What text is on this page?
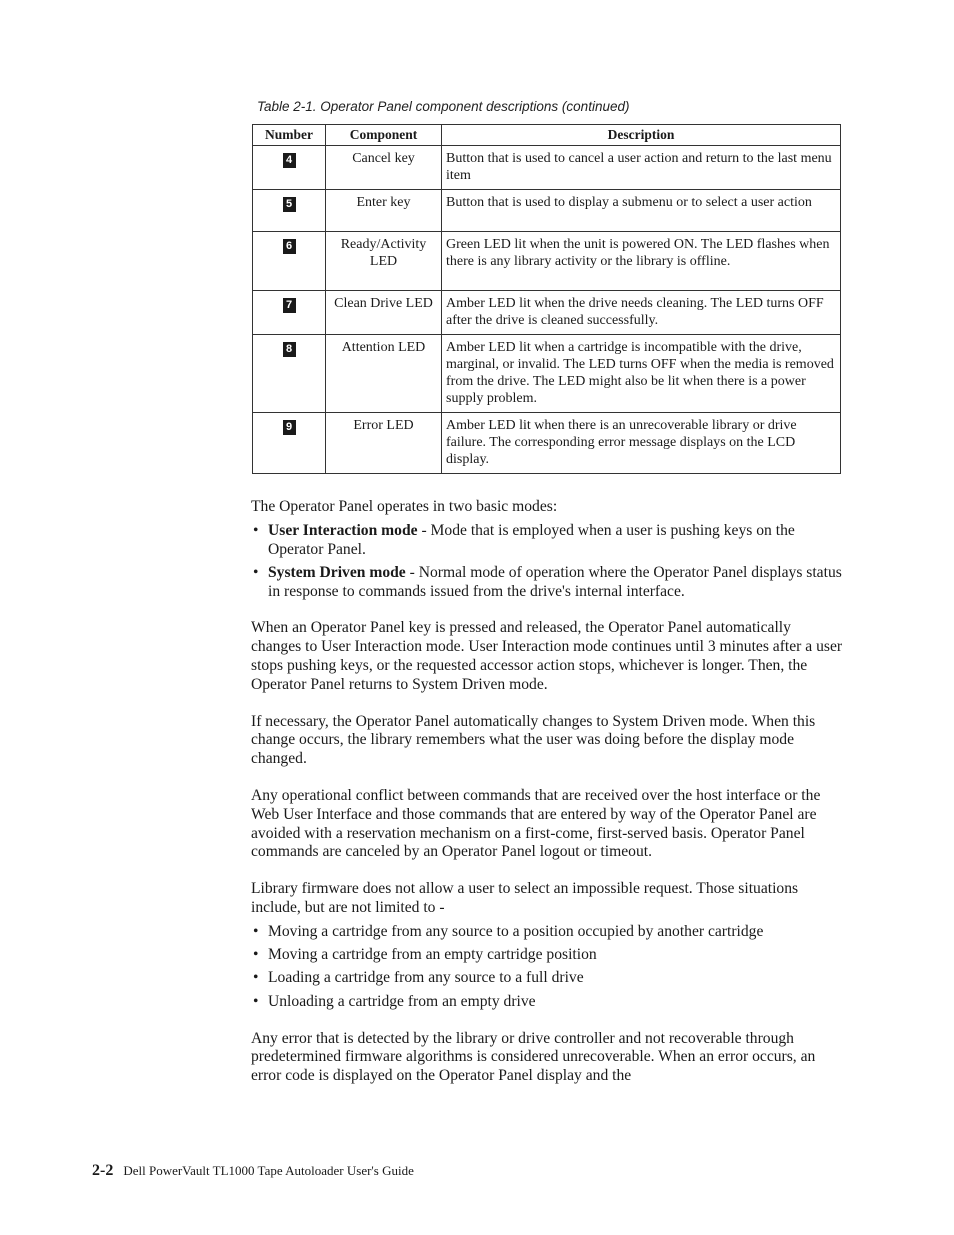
Table 2-1. Operator Panel component descriptions (continued)
Number	Component	Description
4	Cancel key	Button that is used to cancel a user action and return to the last menu item
5	Enter key	Button that is used to display a submenu or to select a user action
6	Ready/Activity LED	Green LED lit when the unit is powered ON. The LED flashes when there is any library activity or the library is offline.
7	Clean Drive LED	Amber LED lit when the drive needs cleaning. The LED turns OFF after the drive is cleaned successfully.
8	Attention LED	Amber LED lit when a cartridge is incompatible with the drive, marginal, or invalid. The LED turns OFF when the media is removed from the drive. The LED might also be lit when there is a power supply problem.
9	Error LED	Amber LED lit when there is an unrecoverable library or drive failure. The corresponding error message displays on the LCD display.

The Operator Panel operates in two basic modes:

• User Interaction mode - Mode that is employed when a user is pushing keys on the Operator Panel.
• System Driven mode - Normal mode of operation where the Operator Panel displays status in response to commands issued from the drive's internal interface.

When an Operator Panel key is pressed and released, the Operator Panel automatically changes to User Interaction mode. User Interaction mode continues until 3 minutes after a user stops pushing keys, or the requested accessor action stops, whichever is longer. Then, the Operator Panel returns to System Driven mode.

If necessary, the Operator Panel automatically changes to System Driven mode. When this change occurs, the library remembers what the user was doing before the display mode changed.

Any operational conflict between commands that are received over the host interface or the Web User Interface and those commands that are entered by way of the Operator Panel are avoided with a reservation mechanism on a first-come, first-served basis. Operator Panel commands are canceled by an Operator Panel logout or timeout.

Library firmware does not allow a user to select an impossible request. Those situations include, but are not limited to -

• Moving a cartridge from any source to a position occupied by another cartridge
• Moving a cartridge from an empty cartridge position
• Loading a cartridge from any source to a full drive
• Unloading a cartridge from an empty drive

Any error that is detected by the library or drive controller and not recoverable through predetermined firmware algorithms is considered unrecoverable. When an error occurs, an error code is displayed on the Operator Panel display and the

2-2 Dell PowerVault TL1000 Tape Autoloader User's Guide
